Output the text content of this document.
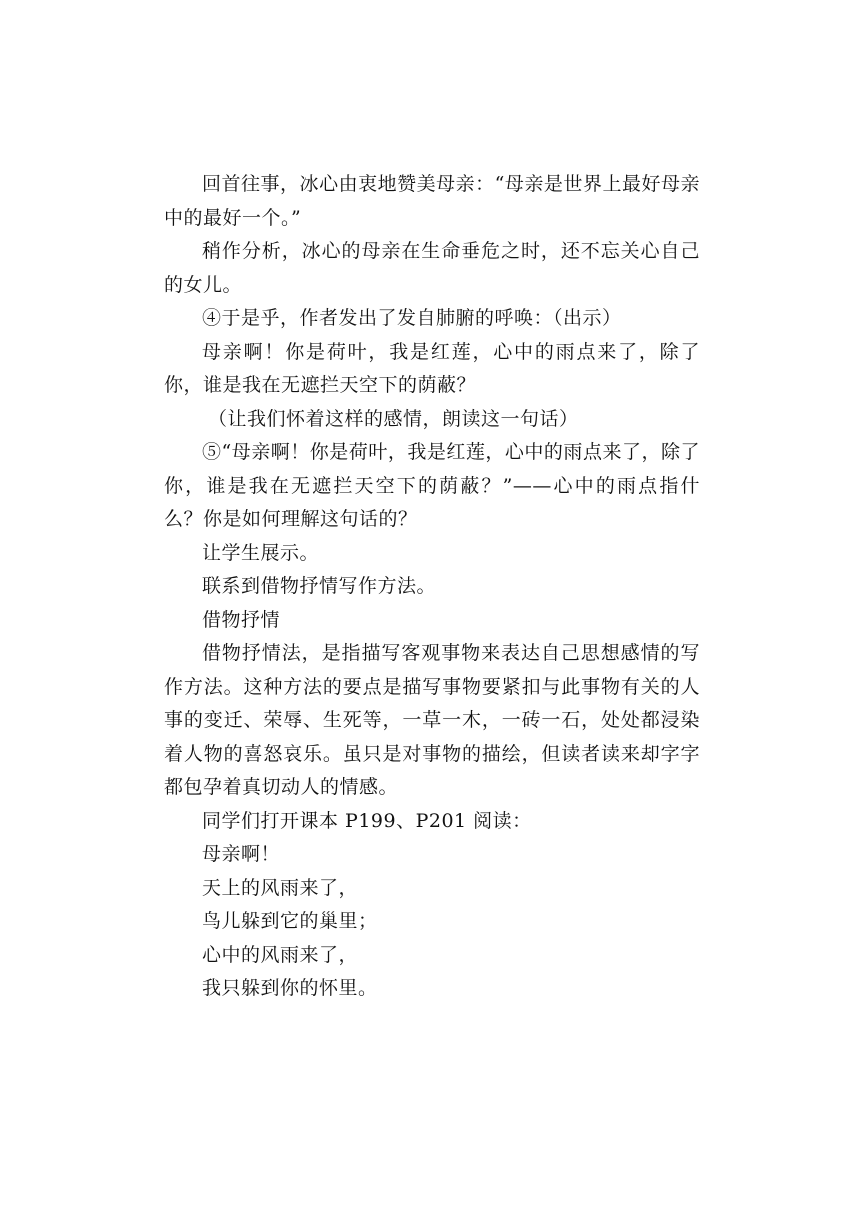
回首往事，冰心由衷地赞美母亲：“母亲是世界上最好母亲中的最好一个。”

稍作分析，冰心的母亲在生命垂危之时，还不忘关心自己的女儿。

④于是乎，作者发出了发自肺腑的呼唤：（出示）

母亲啊！你是荷叶，我是红莲，心中的雨点来了，除了你，谁是我在无遮拦天空下的荫蔽？

（让我们怀着这样的感情，朗读这一句话）

⑤“母亲啊！你是荷叶，我是红莲，心中的雨点来了，除了你，谁是我在无遮拦天空下的荫蔽？”——心中的雨点指什么？你是如何理解这句话的？

让学生展示。

联系到借物抒情写作方法。

借物抒情

借物抒情法，是指描写客观事物来表达自己思想感情的写作方法。这种方法的要点是描写事物要紧扣与此事物有关的人事的变迁、荣辱、生死等，一草一木，一砖一石，处处都浸染着人物的喜怒哀乐。虽只是对事物的描绘，但读者读来却字字都包孕着真切动人的情感。

同学们打开课本 P199、P201 阅读：

母亲啊！

天上的风雨来了，

鸟儿躲到它的巢里；

心中的风雨来了，

我只躲到你的怀里。
